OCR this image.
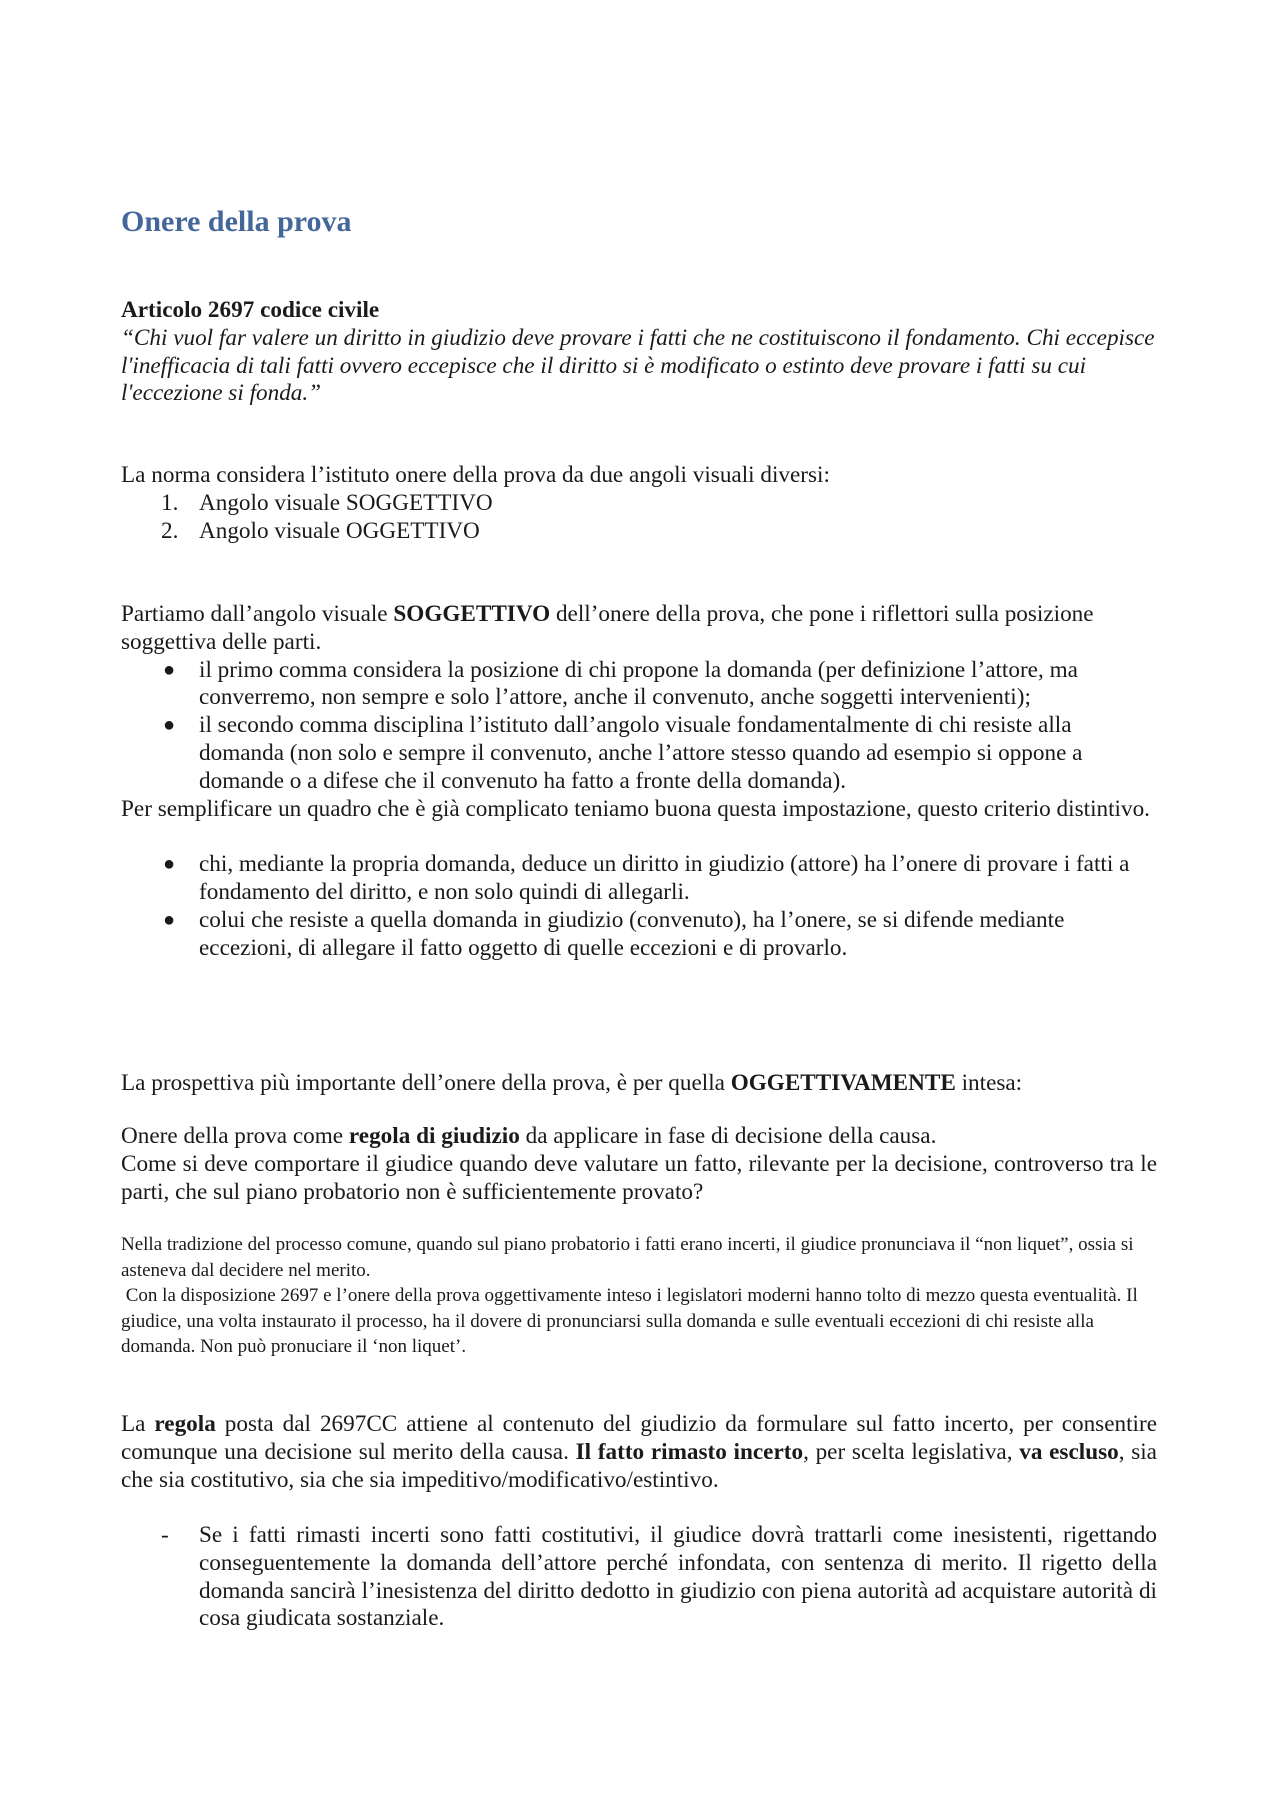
Onere della prova
Articolo 2697 codice civile
“Chi vuol far valere un diritto in giudizio deve provare i fatti che ne costituiscono il fondamento. Chi eccepisce l'inefficacia di tali fatti ovvero eccepisce che il diritto si è modificato o estinto deve provare i fatti su cui l'eccezione si fonda.”
La norma considera l’istituto onere della prova da due angoli visuali diversi:
1. Angolo visuale SOGGETTIVO
2. Angolo visuale OGGETTIVO
Partiamo dall’angolo visuale SOGGETTIVO dell’onere della prova, che pone i riflettori sulla posizione soggettiva delle parti.
● il primo comma considera la posizione di chi propone la domanda (per definizione l’attore, ma converremo, non sempre e solo l’attore, anche il convenuto, anche soggetti intervenienti);
● il secondo comma disciplina l’istituto dall’angolo visuale fondamentalmente di chi resiste alla domanda (non solo e sempre il convenuto, anche l’attore stesso quando ad esempio si oppone a domande o a difese che il convenuto ha fatto a fronte della domanda).
Per semplificare un quadro che è già complicato teniamo buona questa impostazione, questo criterio distintivo.
● chi, mediante la propria domanda, deduce un diritto in giudizio (attore) ha l’onere di provare i fatti a fondamento del diritto, e non solo quindi di allegarli.
● colui che resiste a quella domanda in giudizio (convenuto), ha l’onere, se si difende mediante eccezioni, di allegare il fatto oggetto di quelle eccezioni e di provarlo.
La prospettiva più importante dell’onere della prova, è per quella OGGETTIVAMENTE intesa:
Onere della prova come regola di giudizio da applicare in fase di decisione della causa.
Come si deve comportare il giudice quando deve valutare un fatto, rilevante per la decisione, controverso tra le parti, che sul piano probatorio non è sufficientemente provato?
Nella tradizione del processo comune, quando sul piano probatorio i fatti erano incerti, il giudice pronunciava il “non liquet”, ossia si asteneva dal decidere nel merito.
Con la disposizione 2697 e l’onere della prova oggettivamente inteso i legislatori moderni hanno tolto di mezzo questa eventualità. Il giudice, una volta instaurato il processo, ha il dovere di pronunciarsi sulla domanda e sulle eventuali eccezioni di chi resiste alla domanda. Non può pronuciare il ‘non liquet’.
La regola posta dal 2697CC attiene al contenuto del giudizio da formulare sul fatto incerto, per consentire comunque una decisione sul merito della causa. Il fatto rimasto incerto, per scelta legislativa, va escluso, sia che sia costitutivo, sia che sia impeditivo/modificativo/estintivo.
- Se i fatti rimasti incerti sono fatti costitutivi, il giudice dovrà trattarli come inesistenti, rigettando conseguentemente la domanda dell’attore perché infondata, con sentenza di merito. Il rigetto della domanda sancirà l’inesistenza del diritto dedotto in giudizio con piena autorità ad acquistare autorità di cosa giudicata sostanziale.
